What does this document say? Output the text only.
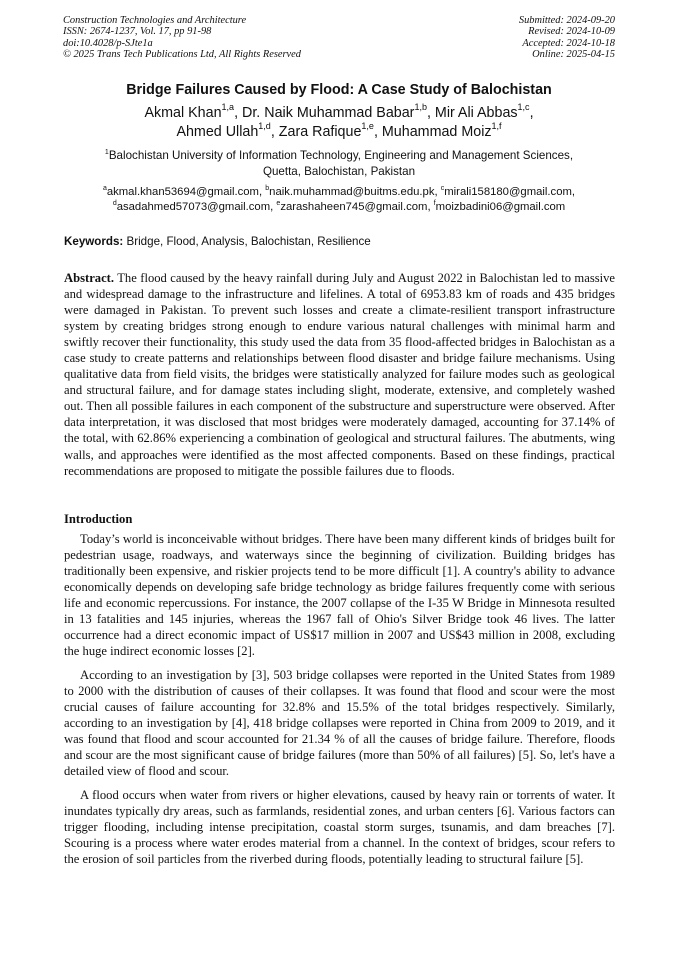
Construction Technologies and Architecture
ISSN: 2674-1237, Vol. 17, pp 91-98
doi:10.4028/p-SJte1a
© 2025 Trans Tech Publications Ltd, All Rights Reserved
Submitted: 2024-09-20
Revised: 2024-10-09
Accepted: 2024-10-18
Online: 2025-04-15
Bridge Failures Caused by Flood: A Case Study of Balochistan
Akmal Khan$^{1,a}$, Dr. Naik Muhammad Babar$^{1,b}$, Mir Ali Abbas$^{1,c}$,
Ahmed Ullah$^{1,d}$, Zara Rafique$^{1,e}$, Muhammad Moiz$^{1,f}$
$^1$Balochistan University of Information Technology, Engineering and Management Sciences,
Quetta, Balochistan, Pakistan
$^a$akmal.khan53694@gmail.com, $^b$naik.muhammad@buitms.edu.pk, $^c$mirali158180@gmail.com,
$^d$asadahmed57073@gmail.com, $^e$zarashaheen745@gmail.com, $^f$moizbadini06@gmail.com
Keywords: Bridge, Flood, Analysis, Balochistan, Resilience
Abstract. The flood caused by the heavy rainfall during July and August 2022 in Balochistan led to massive and widespread damage to the infrastructure and lifelines. A total of 6953.83 km of roads and 435 bridges were damaged in Pakistan. To prevent such losses and create a climate-resilient transport infrastructure system by creating bridges strong enough to endure various natural challenges with minimal harm and swiftly recover their functionality, this study used the data from 35 flood-affected bridges in Balochistan as a case study to create patterns and relationships between flood disaster and bridge failure mechanisms. Using qualitative data from field visits, the bridges were statistically analyzed for failure modes such as geological and structural failure, and for damage states including slight, moderate, extensive, and completely washed out. Then all possible failures in each component of the substructure and superstructure were observed. After data interpretation, it was disclosed that most bridges were moderately damaged, accounting for 37.14% of the total, with 62.86% experiencing a combination of geological and structural failures. The abutments, wing walls, and approaches were identified as the most affected components. Based on these findings, practical recommendations are proposed to mitigate the possible failures due to floods.
Introduction
Today’s world is inconceivable without bridges. There have been many different kinds of bridges built for pedestrian usage, roadways, and waterways since the beginning of civilization. Building bridges has traditionally been expensive, and riskier projects tend to be more difficult [1]. A country's ability to advance economically depends on developing safe bridge technology as bridge failures frequently come with serious life and economic repercussions. For instance, the 2007 collapse of the I-35 W Bridge in Minnesota resulted in 13 fatalities and 145 injuries, whereas the 1967 fall of Ohio's Silver Bridge took 46 lives. The latter occurrence had a direct economic impact of US$17 million in 2007 and US$43 million in 2008, excluding the huge indirect economic losses [2].
According to an investigation by [3], 503 bridge collapses were reported in the United States from 1989 to 2000 with the distribution of causes of their collapses. It was found that flood and scour were the most crucial causes of failure accounting for 32.8% and 15.5% of the total bridges respectively. Similarly, according to an investigation by [4], 418 bridge collapses were reported in China from 2009 to 2019, and it was found that flood and scour accounted for 21.34 % of all the causes of bridge failure. Therefore, floods and scour are the most significant cause of bridge failures (more than 50% of all failures) [5]. So, let's have a detailed view of flood and scour.
A flood occurs when water from rivers or higher elevations, caused by heavy rain or torrents of water. It inundates typically dry areas, such as farmlands, residential zones, and urban centers [6]. Various factors can trigger flooding, including intense precipitation, coastal storm surges, tsunamis, and dam breaches [7]. Scouring is a process where water erodes material from a channel. In the context of bridges, scour refers to the erosion of soil particles from the riverbed during floods, potentially leading to structural failure [5].
